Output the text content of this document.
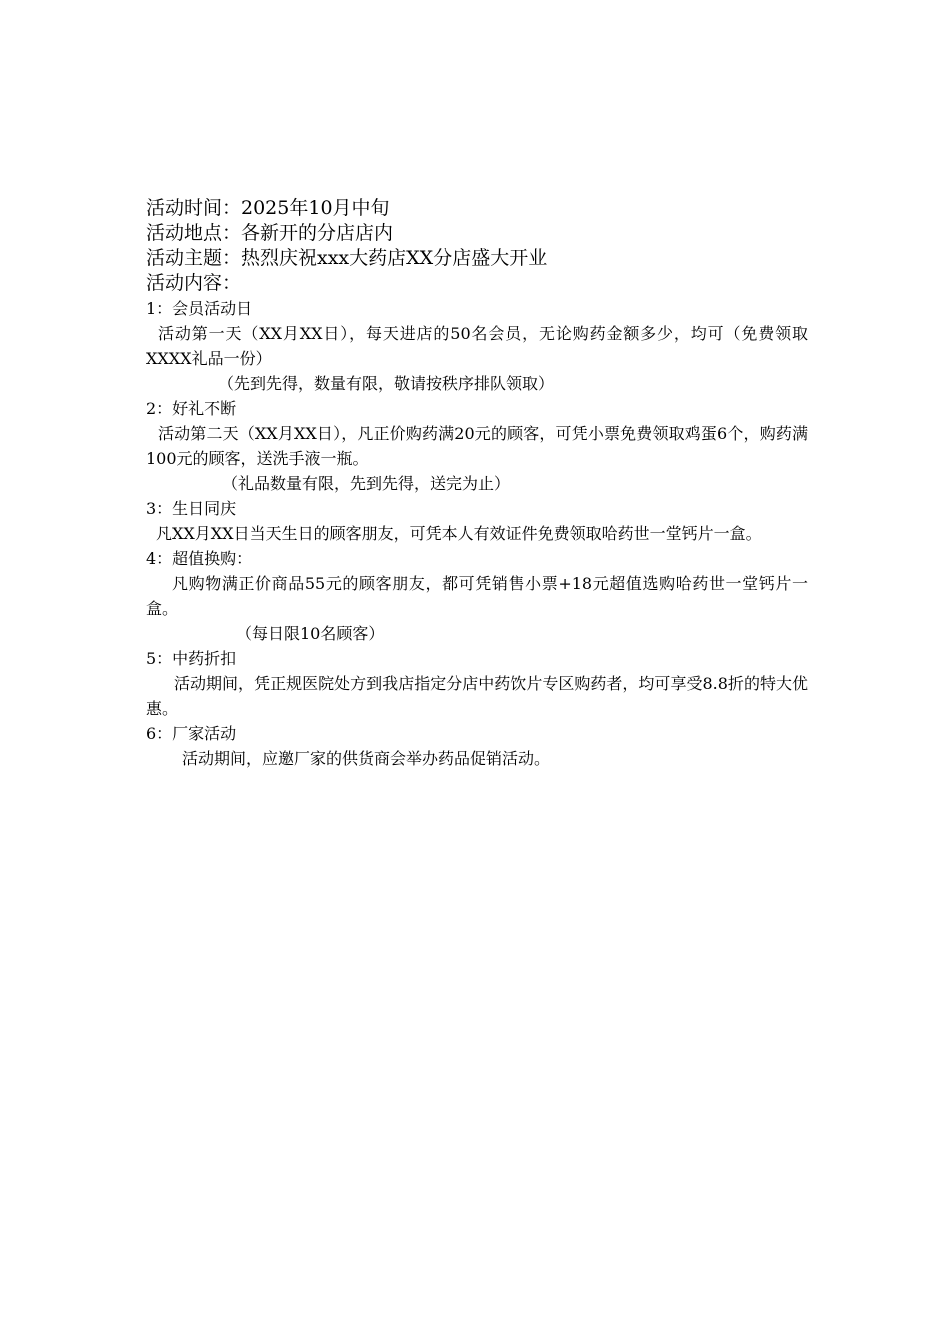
活动时间：2025年10月中旬
活动地点：各新开的分店店内
活动主题：热烈庆祝xxx大药店XX分店盛大开业
活动内容：
1：会员活动日
活动第一天（XX月XX日），每天进店的50名会员，无论购药金额多少，均可（免费领取XXXX礼品一份）
（先到先得，数量有限，敬请按秩序排队领取）
2：好礼不断
活动第二天（XX月XX日），凡正价购药满20元的顾客，可凭小票免费领取鸡蛋6个，购药满100元的顾客，送洗手液一瓶。
（礼品数量有限，先到先得，送完为止）
3：生日同庆
凡XX月XX日当天生日的顾客朋友，可凭本人有效证件免费领取哈药世一堂钙片一盒。
4：超值换购：
凡购物满正价商品55元的顾客朋友，都可凭销售小票+18元超值选购哈药世一堂钙片一盒。
（每日限10名顾客）
5：中药折扣
活动期间，凭正规医院处方到我店指定分店中药饮片专区购药者，均可享受8.8折的特大优惠。
6：厂家活动
活动期间，应邀厂家的供货商会举办药品促销活动。
